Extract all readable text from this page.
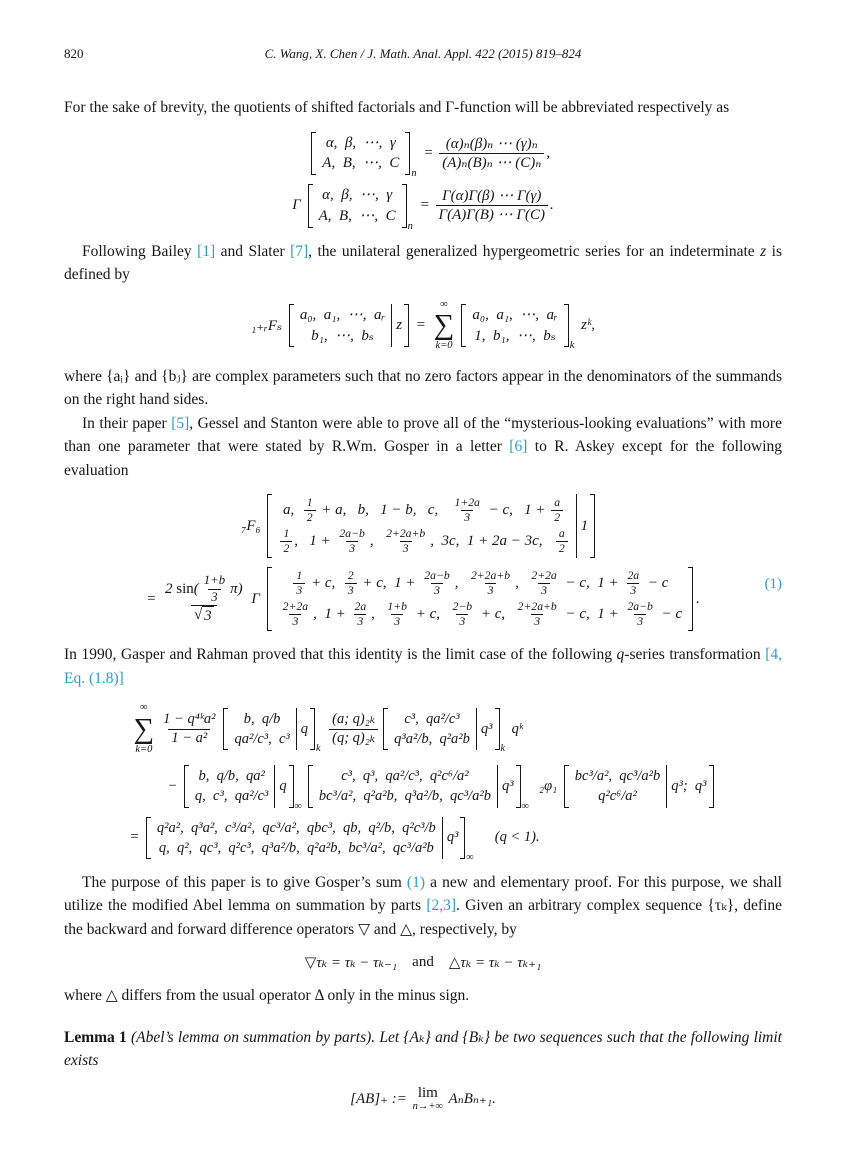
820	C. Wang, X. Chen / J. Math. Anal. Appl. 422 (2015) 819–824

For the sake of brevity, the quotients of shifted factorials and Γ-function will be abbreviated respectively as

α,  β,  ⋯,  γ
A,  B,  ⋯,  C
n
= $\frac{\text{(α)ₙ(β)ₙ ⋯ (γ)ₙ}}{\text{(A)ₙ(B)ₙ ⋯ (C)ₙ}}$ ,
Γ
α,  β,  ⋯,  γ
A,  B,  ⋯,  C
n
= $\frac{\Gamma(\alpha)\Gamma(\beta) \cdots \Gamma(\gamma)}{\Gamma(A)\Gamma(B) \cdots \Gamma(C)}$ .

Following Bailey [1] and Slater [7], the unilateral generalized hypergeometric series for an indeterminate z is defined by

₁₊ᵣFₛ
a₀,  a₁,  ⋯,  aᵣ
b₁,  ⋯,  bₛ
z =
∞
∑
k=0
a₀,  a₁,  ⋯,  aᵣ
1,  b₁,  ⋯,  bₛ
k
zᵏ,

where {aᵢ} and {bⱼ} are complex parameters such that no zero factors appear in the denominators of the summands on the right hand sides.

In their paper [5], Gessel and Stanton were able to prove all of the “mysterious-looking evaluations” with more than one parameter that were stated by R.Wm. Gosper in a letter [6] to R. Askey except for the following evaluation

₇F₆
a, 1
2 + a,   b,   1 − b,   c, 1+2a
3 − c,   $1 + \frac{a}{2}$
1
2 ,   $1 + \frac{2a-b}{3}$ , 2+2a+b
3 ,  3c,  1 + 2a − 3c, a
2
1
= 2 sin (
1+b
3 π)
√ 3 Γ
1
3 + c, 2
3 + c,  $1 + \frac{2a-b}{3}$ , 2+2a+b
3 , 2+2a
3 − c,  $1 + \frac{2a}{3} - c$
2+2a
3 ,  $1 + \frac{2a}{3}$ , 1+b
3 + c, 2−b
3 + c, 2+2a+b
3 − c,  $1 + \frac{2a-b}{3} - c$
.
(1)

In 1990, Gasper and Rahman proved that this identity is the limit case of the following q-series transformation [4, Eq. (1.8)]

∞
∑
k=0
1 − q⁴ᵏa²
1 − a²
b,  q/b
qa²/c³,  c³
q
k

(a; q)₂ₖ
(q; q)₂ₖ
c³,  qa²/c³
q³a²/b,  q²a²b
q³
k
qᵏ
−
b,  q/b,  qa²
q,  c³,  qa²/c³
q
∞
c³,  q³,  qa²/c³,  q²c⁶/a²
bc³/a²,  q²a²b,  q³a²/b,  qc³/a²b
q³
∞
₂φ₁
bc³/a²,  qc³/a²b
q²c⁶/a²
q³;  q³
=
q²a²,  q³a²,  c³/a²,  qc³/a²,  qbc³,  qb,  q²/b,  q²c³/b
q,  q²,  qc³,  q²c³,  q³a²/b,  q²a²b,  bc³/a²,  qc³/a²b
q³
∞
(q < 1).

The purpose of this paper is to give Gosper’s sum (1) a new and elementary proof. For this purpose, we shall utilize the modified Abel lemma on summation by parts [2,3]. Given an arbitrary complex sequence {τₖ}, define the backward and forward difference operators ▽ and △, respectively, by

▽τₖ = τₖ − τₖ₋₁ and △τₖ = τₖ − τₖ₊₁

where △ differs from the usual operator Δ only in the minus sign.

Lemma 1 (Abel’s lemma on summation by parts). Let {Aₖ} and {Bₖ} be two sequences such that the following limit exists

[AB]₊ := lim
n→+∞ AₙBₙ₊₁.
